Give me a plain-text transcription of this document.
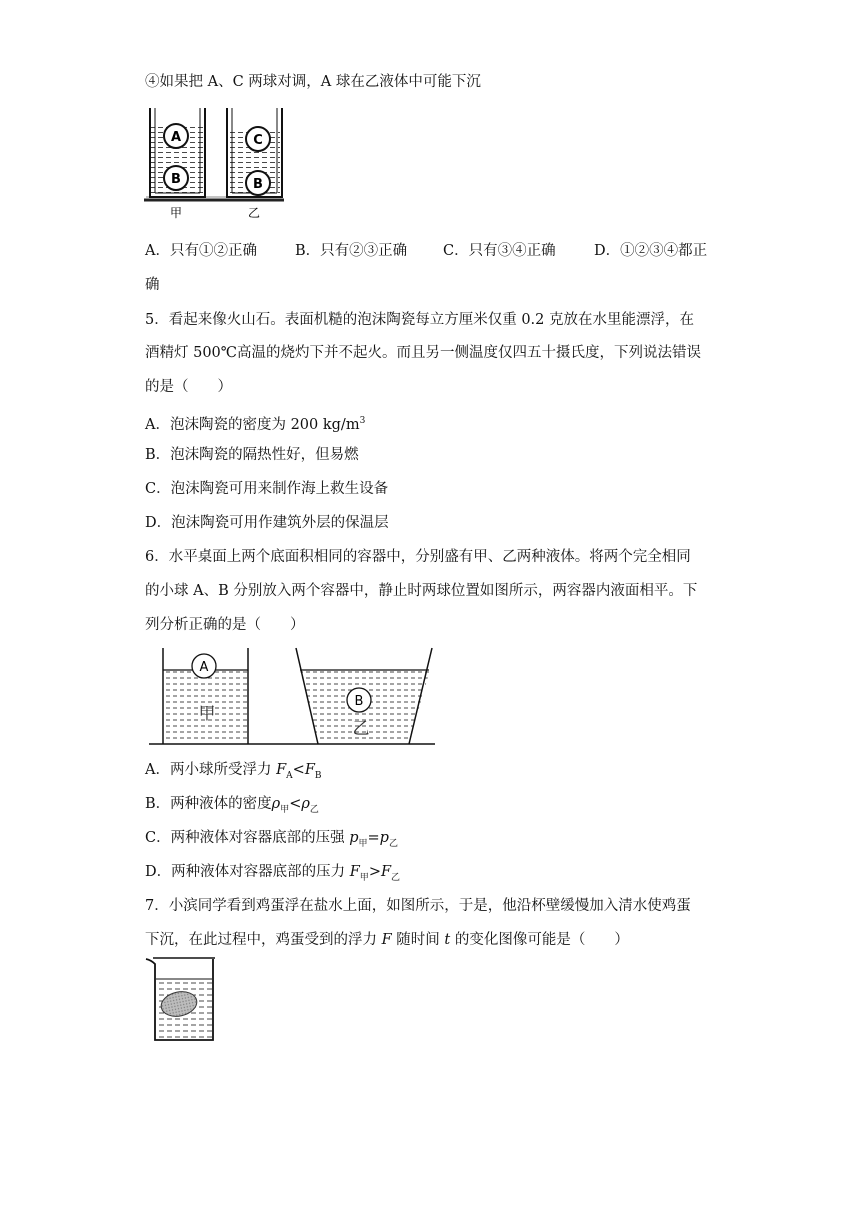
④如果把 A、C 两球对调，A 球在乙液体中可能下沉
A
B
C
B
甲	乙
A．只有①②正确	B．只有②③正确 C．只有③④正确	D．①②③④都正
确
5．看起来像火山石。表面机糙的泡沫陶瓷每立方厘米仅重 0.2 克放在水里能漂浮，在
酒精灯 500℃高温的烧灼下并不起火。而且另一侧温度仅四五十摄氏度，下列说法错误
的是（　　）
A．泡沫陶瓷的密度为 200 $kg/m^3$
B．泡沫陶瓷的隔热性好，但易燃
C．泡沫陶瓷可用来制作海上救生设备
D．泡沫陶瓷可用作建筑外层的保温层
6．水平桌面上两个底面积相同的容器中，分别盛有甲、乙两种液体。将两个完全相同
的小球 A、B 分别放入两个容器中，静止时两球位置如图所示，两容器内液面相平。下
列分析正确的是（　　）
A
甲
B
乙
A．两小球所受浮力 $F_A<F_B$
B．两种液体的密度$\rho_甲<\rho_乙$
C．两种液体对容器底部的压强 $p_甲=p_乙$
D．两种液体对容器底部的压力 $F_甲>F_乙$
7．小滨同学看到鸡蛋浮在盐水上面，如图所示，于是，他沿杯壁缓慢加入清水使鸡蛋
下沉，在此过程中，鸡蛋受到的浮力 F 随时间 t 的变化图像可能是（　　）
